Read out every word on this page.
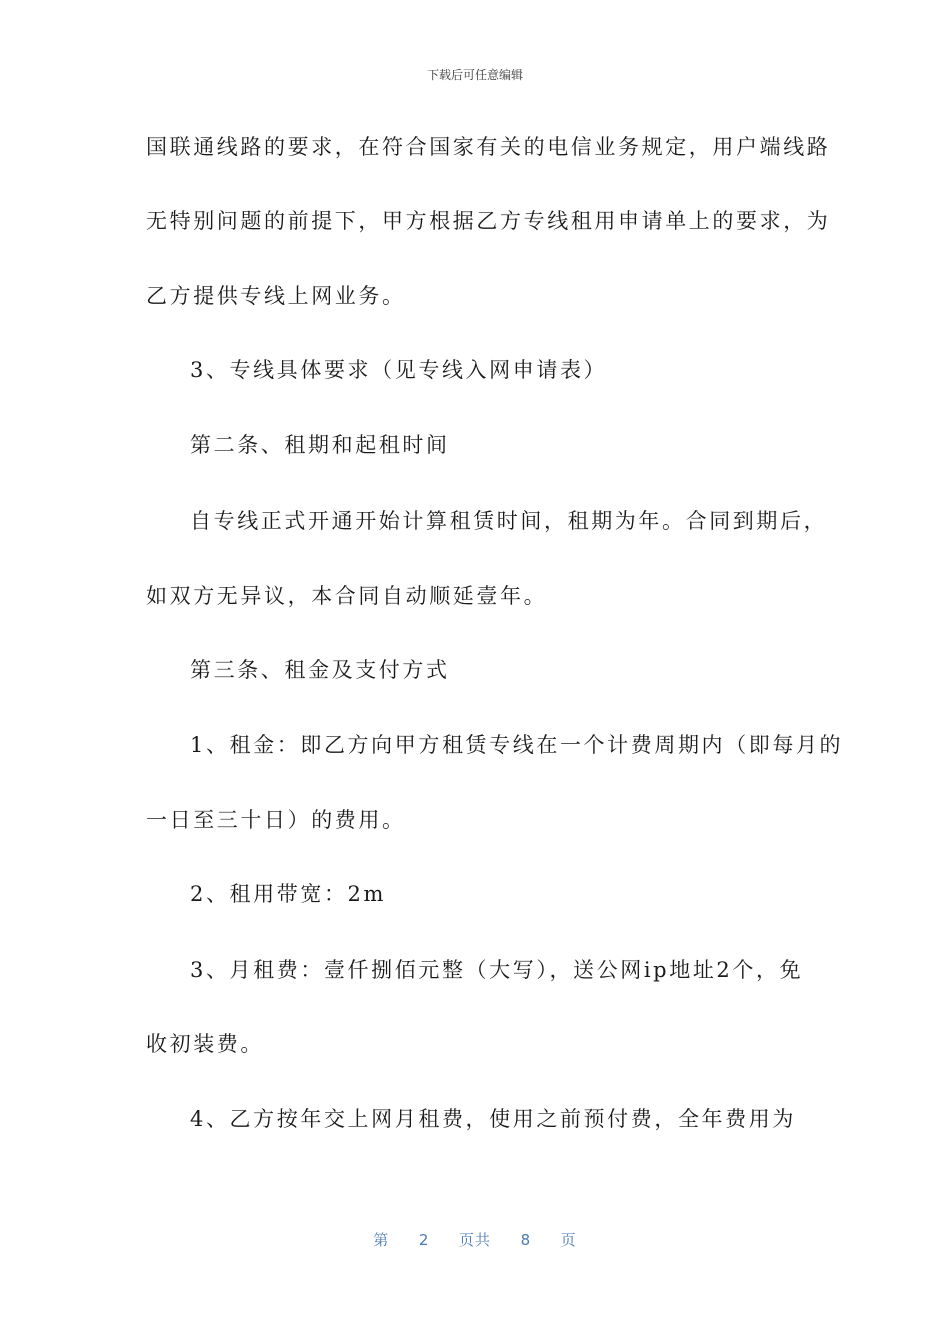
下载后可任意编辑
国联通线路的要求，在符合国家有关的电信业务规定，用户端线路
无特别问题的前提下，甲方根据乙方专线租用申请单上的要求，为
乙方提供专线上网业务。
3、专线具体要求（见专线入网申请表）
第二条、租期和起租时间
自专线正式开通开始计算租赁时间，租期为年。合同到期后，
如双方无异议，本合同自动顺延壹年。
第三条、租金及支付方式
1、租金：即乙方向甲方租赁专线在一个计费周期内（即每月的
一日至三十日）的费用。
2、租用带宽：2m
3、月租费：壹仟捌佰元整（大写），送公网ip地址2个，免
收初装费。
4、乙方按年交上网月租费，使用之前预付费，全年费用为
第 2 页共 8 页
